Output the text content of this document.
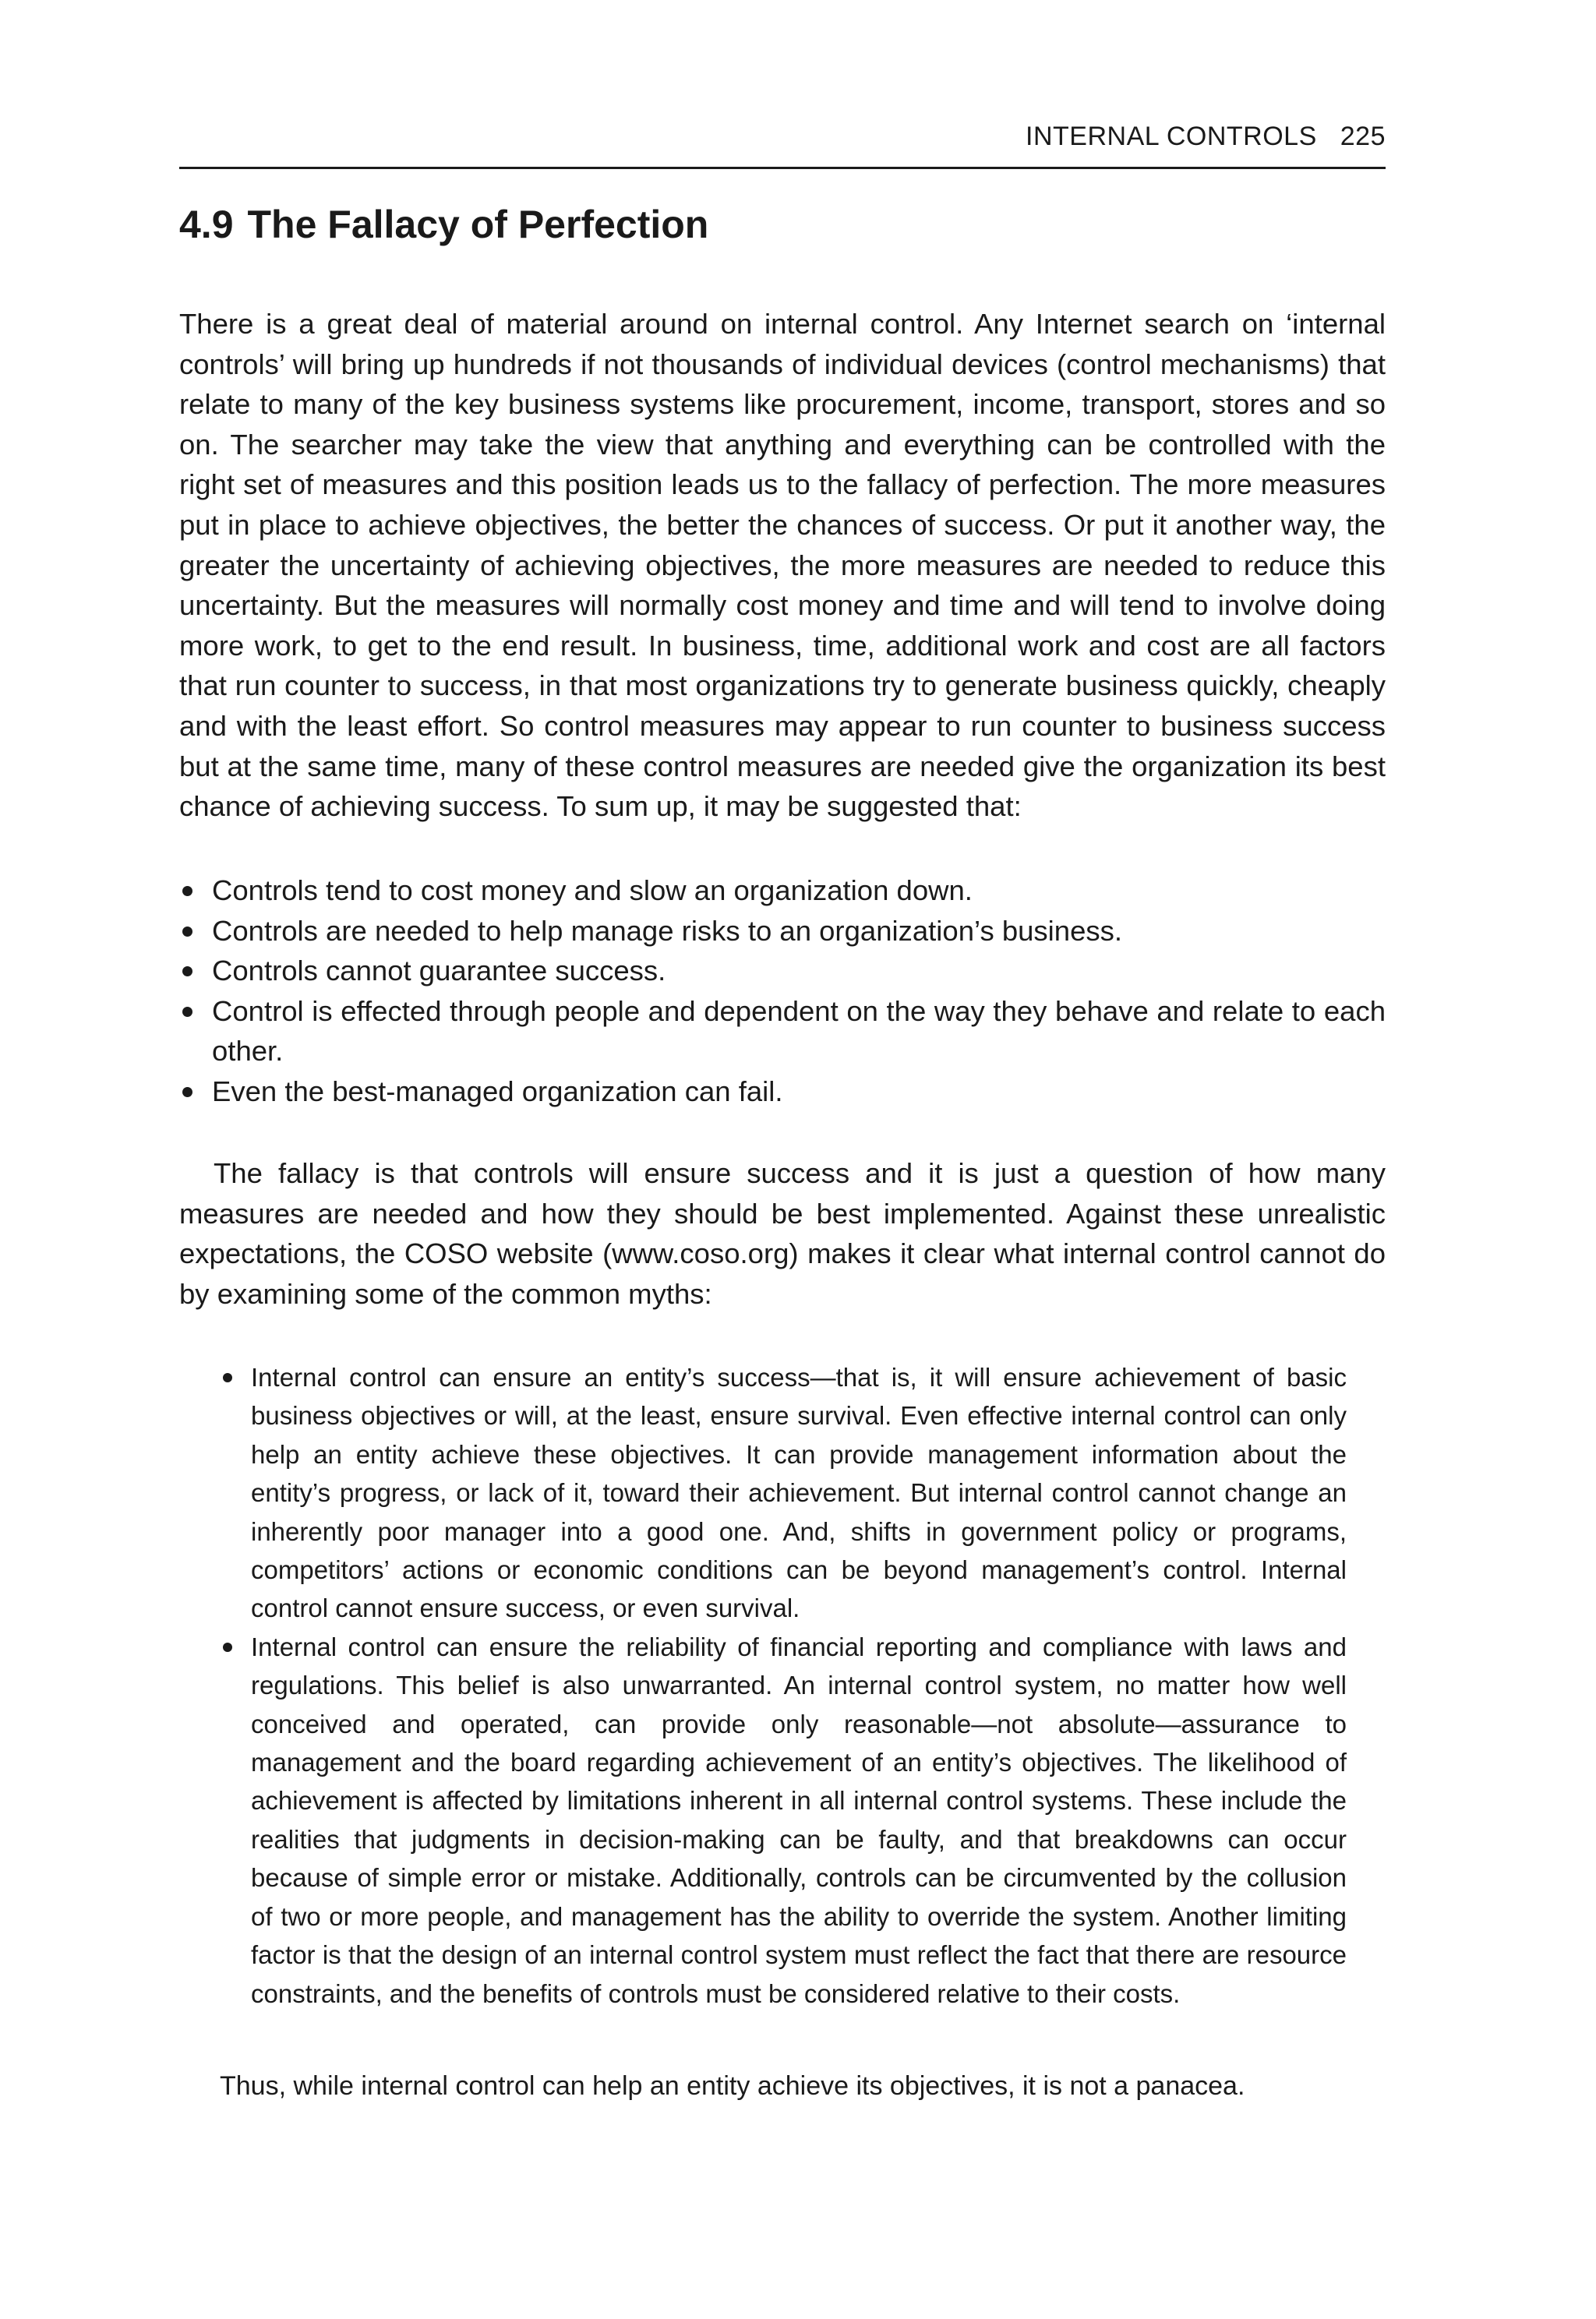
INTERNAL CONTROLS 225
4.9 The Fallacy of Perfection

There is a great deal of material around on internal control. Any Internet search on ‘internal controls’ will bring up hundreds if not thousands of individual devices (control mechanisms) that relate to many of the key business systems like procurement, income, transport, stores and so on. The searcher may take the view that anything and everything can be controlled with the right set of measures and this position leads us to the fallacy of perfection. The more measures put in place to achieve objectives, the better the chances of success. Or put it another way, the greater the uncertainty of achieving objectives, the more measures are needed to reduce this uncertainty. But the measures will normally cost money and time and will tend to involve doing more work, to get to the end result. In business, time, additional work and cost are all factors that run counter to success, in that most organizations try to generate business quickly, cheaply and with the least effort. So control measures may appear to run counter to business success but at the same time, many of these control measures are needed give the organization its best chance of achieving success. To sum up, it may be suggested that:

Controls tend to cost money and slow an organization down.
Controls are needed to help manage risks to an organization’s business.
Controls cannot guarantee success.
Control is effected through people and dependent on the way they behave and relate to each other.
Even the best-managed organization can fail.

The fallacy is that controls will ensure success and it is just a question of how many measures are needed and how they should be best implemented. Against these unrealistic expectations, the COSO website (www.coso.org) makes it clear what internal control cannot do by examining some of the common myths:

Internal control can ensure an entity’s success—that is, it will ensure achievement of basic business objectives or will, at the least, ensure survival. Even effective internal control can only help an entity achieve these objectives. It can provide management information about the entity’s progress, or lack of it, toward their achievement. But internal control cannot change an inherently poor manager into a good one. And, shifts in government policy or programs, competitors’ actions or economic conditions can be beyond management’s control. Internal control cannot ensure success, or even survival.
Internal control can ensure the reliability of financial reporting and compliance with laws and regulations. This belief is also unwarranted. An internal control system, no matter how well conceived and operated, can provide only reasonable—not absolute—assurance to management and the board regarding achievement of an entity’s objectives. The likelihood of achievement is affected by limitations inherent in all internal control systems. These include the realities that judgments in decision-making can be faulty, and that breakdowns can occur because of simple error or mistake. Additionally, controls can be circumvented by the collusion of two or more people, and management has the ability to override the system. Another limiting factor is that the design of an internal control system must reflect the fact that there are resource constraints, and the benefits of controls must be considered relative to their costs.

Thus, while internal control can help an entity achieve its objectives, it is not a panacea.
